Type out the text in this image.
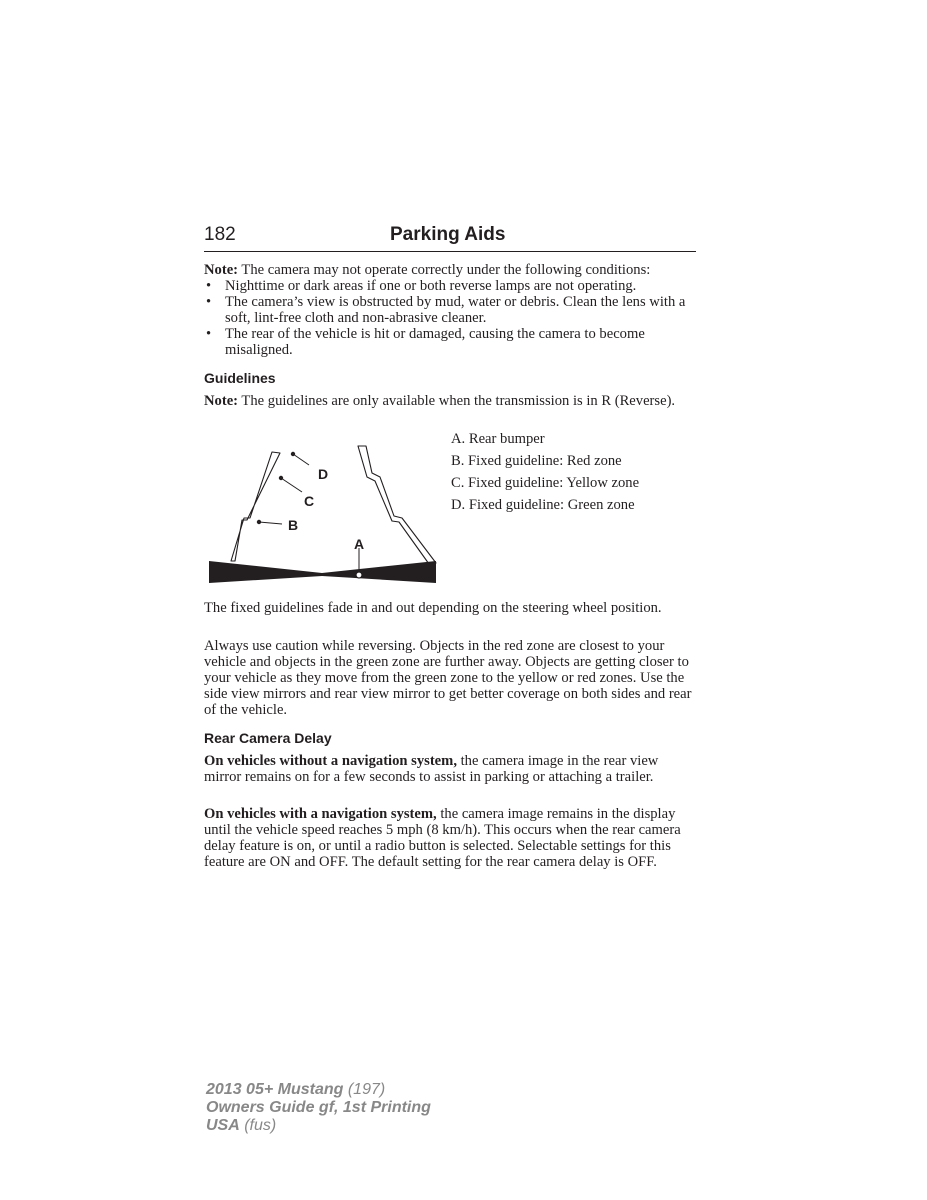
182	Parking Aids

Note: The camera may not operate correctly under the following conditions:

• Nighttime or dark areas if one or both reverse lamps are not operating.
• The camera’s view is obstructed by mud, water or debris. Clean the lens with a soft, lint-free cloth and non-abrasive cleaner.
• The rear of the vehicle is hit or damaged, causing the camera to become misaligned.
Guidelines

Note: The guidelines are only available when the transmission is in R (Reverse).

D
C
B
A
A. Rear bumper
B. Fixed guideline: Red zone
C. Fixed guideline: Yellow zone
D. Fixed guideline: Green zone

The fixed guidelines fade in and out depending on the steering wheel position.

Always use caution while reversing. Objects in the red zone are closest to your vehicle and objects in the green zone are further away. Objects are getting closer to your vehicle as they move from the green zone to the yellow or red zones. Use the side view mirrors and rear view mirror to get better coverage on both sides and rear of the vehicle.

Rear Camera Delay

On vehicles without a navigation system, the camera image in the rear view mirror remains on for a few seconds to assist in parking or attaching a trailer.

On vehicles with a navigation system, the camera image remains in the display until the vehicle speed reaches 5 mph (8 km/h). This occurs when the rear camera delay feature is on, or until a radio button is selected. Selectable settings for this feature are ON and OFF. The default setting for the rear camera delay is OFF.

2013 05+ Mustang (197)
Owners Guide gf, 1st Printing
USA (fus)
